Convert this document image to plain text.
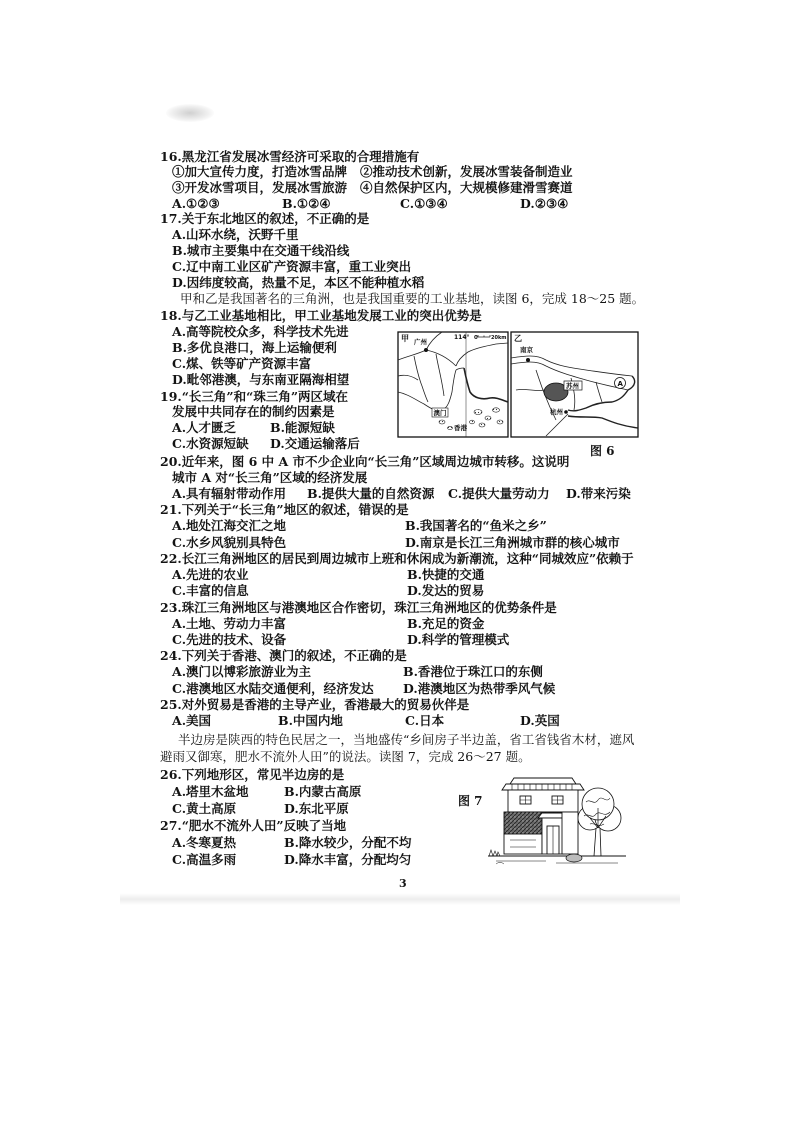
16.黑龙江省发展冰雪经济可采取的合理措施有
①加大宣传力度，打造冰雪品牌 ②推动技术创新，发展冰雪装备制造业
③开发冰雪项目，发展冰雪旅游 ④自然保护区内，大规模修建滑雪赛道
A.①②③	B.①②④	C.①③④	D.②③④
17.关于东北地区的叙述，不正确的是
A.山环水绕，沃野千里
B.城市主要集中在交通干线沿线
C.辽中南工业区矿产资源丰富，重工业突出
D.因纬度较高，热量不足，本区不能种植水稻
甲和乙是我国著名的三角洲，也是我国重要的工业基地，读图 6，完成 18～25 题。
18.与乙工业基地相比，甲工业基地发展工业的突出优势是
A.高等院校众多，科学技术先进
B.多优良港口，海上运输便利
C.煤、铁等矿产资源丰富
D.毗邻港澳，与东南亚隔海相望
19.“长三角”和“珠三角”两区域在
发展中共同存在的制约因素是
A.人才匮乏	B.能源短缺
C.水资源短缺 D.交通运输落后
甲 广州
114° 0	20km
澳门
香港
乙
南京
苏州	A
杭州
图 6
20.近年来，图 6 中 A 市不少企业向“长三角”区域周边城市转移。这说明
城市 A 对“长三角”区域的经济发展
A.具有辐射带动作用 B.提供大量的自然资源 C.提供大量劳动力 D.带来污染
21.下列关于“长三角”地区的叙述，错误的是
A.地处江海交汇之地	B.我国著名的“鱼米之乡”
C.水乡风貌别具特色	D.南京是长江三角洲城市群的核心城市
22.长江三角洲地区的居民到周边城市上班和休闲成为新潮流，这种“同城效应”依赖于
A.先进的农业	B.快捷的交通
C.丰富的信息	D.发达的贸易
23.珠江三角洲地区与港澳地区合作密切，珠江三角洲地区的优势条件是
A.土地、劳动力丰富	B.充足的资金
C.先进的技术、设备	D.科学的管理模式
24.下列关于香港、澳门的叙述，不正确的是
A.澳门以博彩旅游业为主	B.香港位于珠江口的东侧
C.港澳地区水陆交通便利，经济发达 D.港澳地区为热带季风气候
25.对外贸易是香港的主导产业，香港最大的贸易伙伴是
A.美国	B.中国内地	C.日本	D.英国
半边房是陕西的特色民居之一，当地盛传“乡间房子半边盖，省工省钱省木材，遮风
避雨又御寒，肥水不流外人田”的说法。读图 7，完成 26～27 题。
26.下列地形区，常见半边房的是
A.塔里木盆地	B.内蒙古高原
C.黄土高原	D.东北平原
27.“肥水不流外人田”反映了当地
A.冬寒夏热	B.降水较少，分配不均
C.高温多雨	D.降水丰富，分配均匀
图 7
3
